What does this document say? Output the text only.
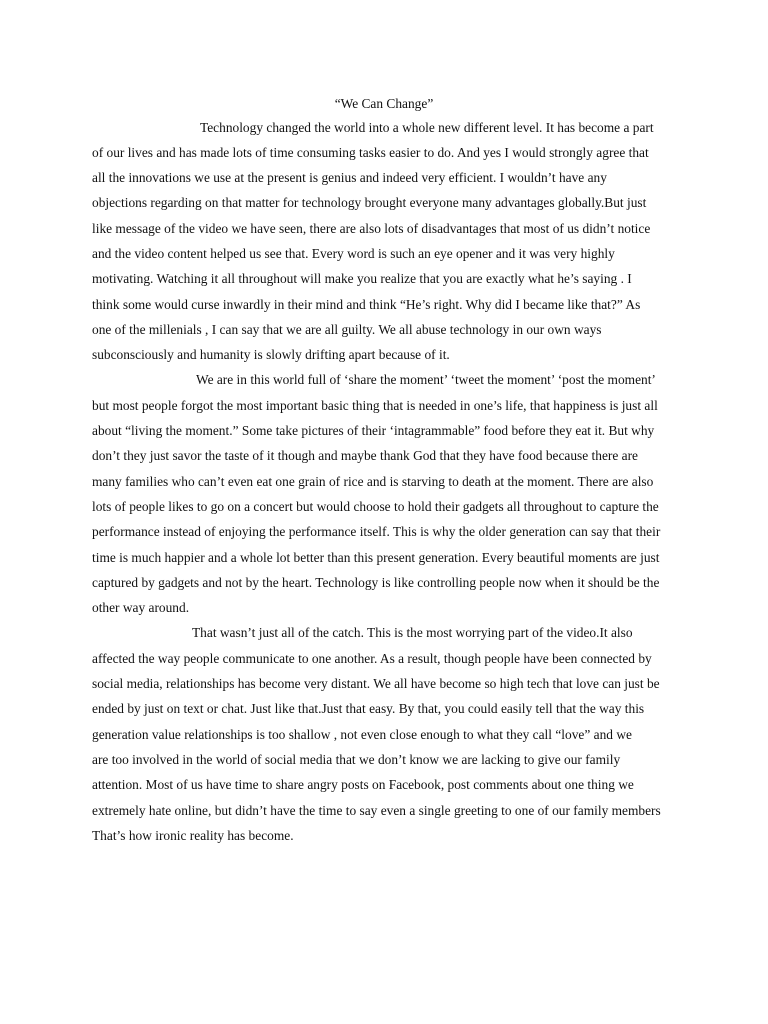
“We Can Change”
Technology changed the world into a whole new different level. It has become a part
of our lives and has made lots of time consuming tasks easier to do. And yes I would strongly agree that
all the innovations we use at the present is genius and indeed very efficient. I wouldn’t have any
objections regarding on that matter for technology brought everyone many advantages globally.But just
like message of the video we have seen, there are also lots of disadvantages that most of us didn’t notice
and the video content helped us see that. Every word is such an eye opener and it was very highly
motivating. Watching it all throughout will make you realize that you are exactly what he’s saying . I
think some would curse inwardly in their mind and think “He’s right. Why did I became like that?” As
one of the millenials , I can say that we are all guilty. We all abuse technology in our own ways
subconsciously and humanity is slowly drifting apart because of it.
We are in this world full of ‘share the moment’ ‘tweet the moment’ ‘post the moment’
but most people forgot the most important basic thing that is needed in one’s life, that happiness is just all
about “living the moment.” Some take pictures of their ‘intagrammable” food before they eat it. But why
don’t they just savor the taste of it though and maybe thank God that they have food because there are
many families who can’t even eat one grain of rice and is starving to death at the moment. There are also
lots of people likes to go on a concert but would choose to hold their gadgets all throughout to capture the
performance instead of enjoying the performance itself. This is why the older generation can say that their
time is much happier and a whole lot better than this present generation. Every beautiful moments are just
captured by gadgets and not by the heart. Technology is like controlling people now when it should be the
other way around.
That wasn’t just all of the catch. This is the most worrying part of the video.It also
affected the way people communicate to one another. As a result, though people have been connected by
social media, relationships has become very distant. We all have become so high tech that love can just be
ended by just on text or chat. Just like that.Just that easy. By that, you could easily tell that the way this
generation value relationships is too shallow , not even close enough to what they call “love” and we
are too involved in the world of social media that we don’t know we are lacking to give our family
attention. Most of us have time to share angry posts on Facebook, post comments about one thing we
extremely hate online, but didn’t have the time to say even a single greeting to one of our family members
That’s how ironic reality has become.
